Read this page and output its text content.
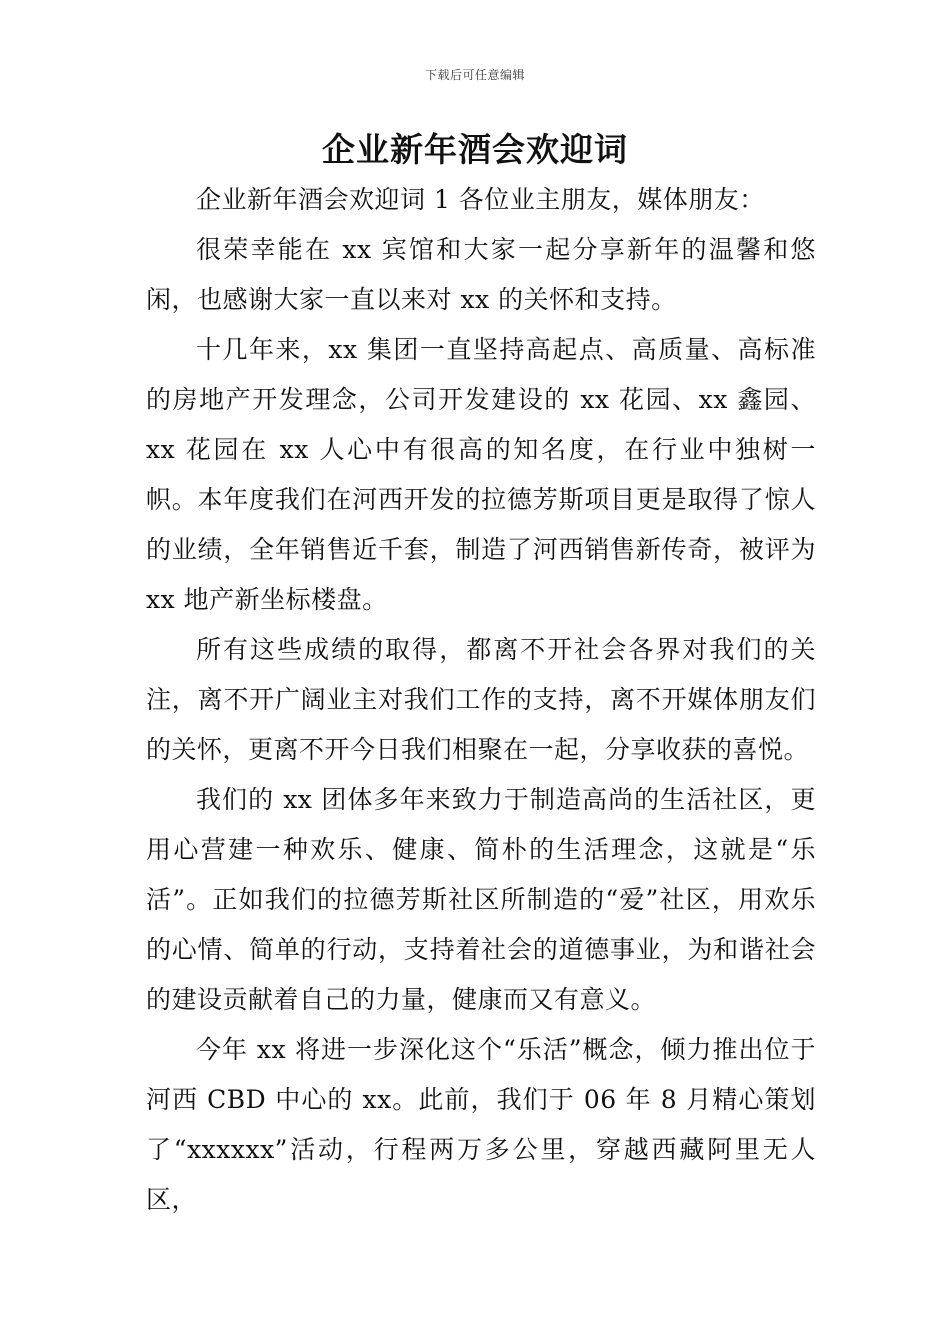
下载后可任意编辑
企业新年酒会欢迎词

企业新年酒会欢迎词 1 各位业主朋友，媒体朋友：

很荣幸能在 xx 宾馆和大家一起分享新年的温馨和悠闲，也感谢大家一直以来对 xx 的关怀和支持。

十几年来，xx 集团一直坚持高起点、高质量、高标准的房地产开发理念，公司开发建设的 xx 花园、xx 鑫园、xx 花园在 xx 人心中有很高的知名度，在行业中独树一帜。本年度我们在河西开发的拉德芳斯项目更是取得了惊人的业绩，全年销售近千套，制造了河西销售新传奇，被评为 xx 地产新坐标楼盘。

所有这些成绩的取得，都离不开社会各界对我们的关注，离不开广阔业主对我们工作的支持，离不开媒体朋友们的关怀，更离不开今日我们相聚在一起，分享收获的喜悦。

我们的 xx 团体多年来致力于制造高尚的生活社区，更用心营建一种欢乐、健康、简朴的生活理念，这就是“乐活”。正如我们的拉德芳斯社区所制造的“爱”社区，用欢乐的心情、简单的行动，支持着社会的道德事业，为和谐社会的建设贡献着自己的力量，健康而又有意义。

今年 xx 将进一步深化这个“乐活”概念，倾力推出位于河西 CBD 中心的 xx。此前，我们于 06 年 8 月精心策划了“xxxxxx”活动，行程两万多公里，穿越西藏阿里无人区，
